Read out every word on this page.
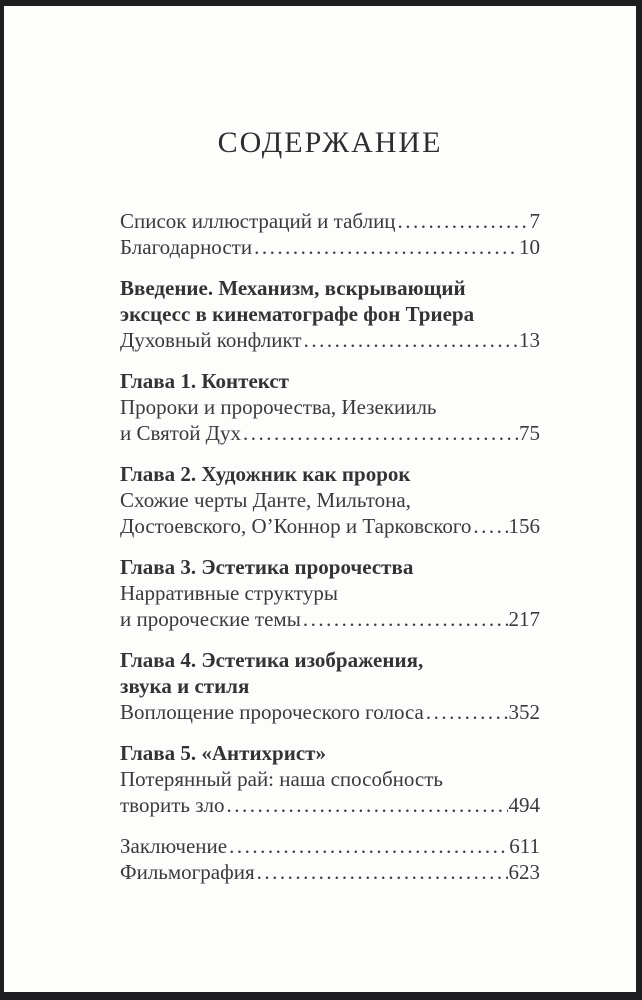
СОДЕРЖАНИЕ
Список иллюстраций и таблиц .....	7
Благодарности .....	10
Введение. Механизм, вскрывающий
эксцесс в кинематографе фон Триера
Духовный конфликт .....	13
Глава 1. Контекст
Пророки и пророчества, Иезекииль
и Святой Дух .....	75
Глава 2. Художник как пророк
Схожие черты Данте, Мильтона,
Достоевского, О’Коннор и Тарковского ..... 156
Глава 3. Эстетика пророчества
Нарративные структуры
и пророческие темы .....	217
Глава 4. Эстетика изображения,
звука и стиля
Воплощение пророческого голоса .....	352
Глава 5. «Антихрист»
Потерянный рай: наша способность
творить зло .....	494
Заключение .....	611
Фильмография .....	623
